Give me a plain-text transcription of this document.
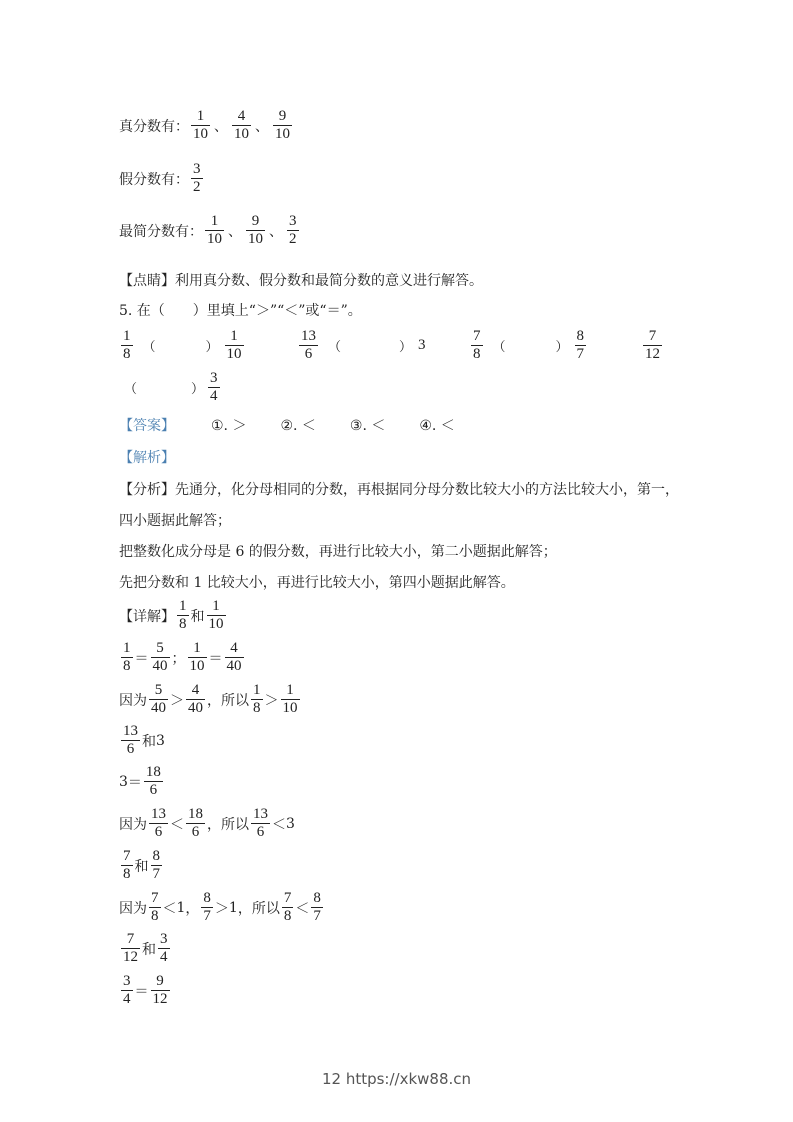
真分数有： $\frac{1}{10}$ 、 $\frac{4}{10}$ 、 $\frac{9}{10}$
假分数有： $\frac{3}{2}$
最简分数有： $\frac{1}{10}$ 、 $\frac{9}{10}$ 、 $\frac{3}{2}$
【点睛】利用真分数、假分数和最简分数的意义进行解答。
5. 在（　　）里填上“＞”“＜”或“＝”。
$\frac{1}{8}$ （	） $\frac{1}{10}$	$\frac{13}{6}$ （	） 3	$\frac{7}{8}$ （	） $\frac{8}{7}$	$\frac{7}{12}$
（	） $\frac{3}{4}$
【答案】	①. ＞ ②. ＜ ③. ＜ ④. ＜
【解析】
【分析】先通分，化分母相同的分数，再根据同分母分数比较大小的方法比较大小，第一，
四小题据此解答；
把整数化成分母是 6 的假分数，再进行比较大小，第二小题据此解答；
先把分数和 1 比较大小，再进行比较大小，第四小题据此解答。
【详解】 $\frac{1}{8}$ 和 $\frac{1}{10}$
$\frac{1}{8} = \frac{5}{40}$ ； $\frac{1}{10} = \frac{4}{40}$
因为 $\frac{5}{40} > \frac{4}{40}$ ， 所以 $\frac{1}{8} > \frac{1}{10}$
$\frac{13}{6}$ 和 3
$3 = \frac{18}{6}$
因为 $\frac{13}{6} < \frac{18}{6}$ ， 所以 $\frac{13}{6} < 3$
$\frac{7}{8}$ 和 $\frac{8}{7}$
因为 $\frac{7}{8} < 1$ ， $\frac{8}{7} > 1$ ， 所以 $\frac{7}{8} < \frac{8}{7}$
$\frac{7}{12}$ 和 $\frac{3}{4}$
$\frac{3}{4} = \frac{9}{12}$
12 https://xkw88.cn
